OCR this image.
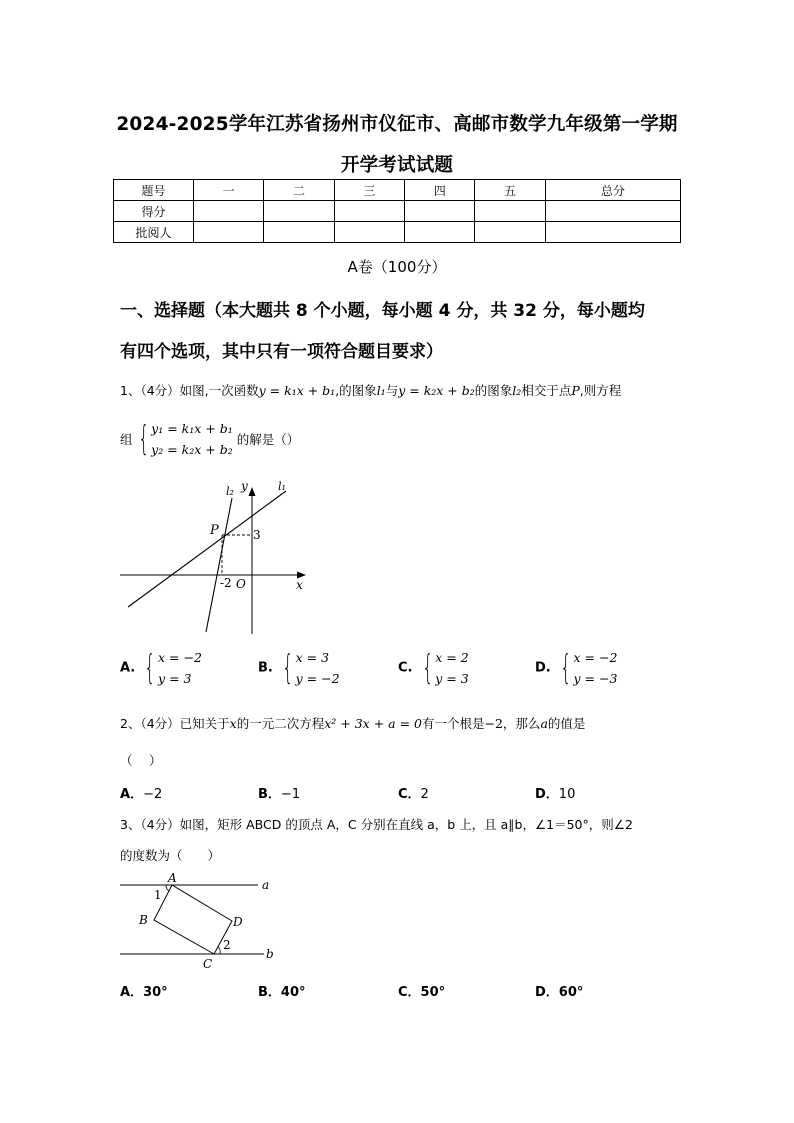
2024-2025学年江苏省扬州市仪征市、高邮市数学九年级第一学期
开学考试试题
题号	一	二	三	四	五	总分
得分						
批阅人						
A卷（100分）
一、选择题（本大题共 8 个小题，每小题 4 分，共 32 分，每小题均
有四个选项，其中只有一项符合题目要求）
1、（4分）如图,一次函数y = k₁x + b₁,的图象l₁与y = k₂x + b₂的图象l₂相交于点P,则方程
组 { y₁ = k₁x + b₁
y₂ = k₂x + b₂ 的解是（）
l₂ y	l₁
P	3
-2 O	x
A. { x = −2
y = 3
B. { x = 3
y = −2
C. { x = 2
y = 3
D. { x = −2
y = −3
2、（4分）已知关于x的一元二次方程x² + 3x + a = 0有一个根是−2，那么a的值是
（　 ）
A．−2	B．−1	C．2	D．10
3、（4分）如图，矩形 ABCD 的顶点 A，C 分别在直线 a，b 上，且 a∥b，∠1＝50°，则∠2
的度数为（　　）
A
1
B	D
2
C
a
b
A．30°	B．40°	C．50°	D．60°
